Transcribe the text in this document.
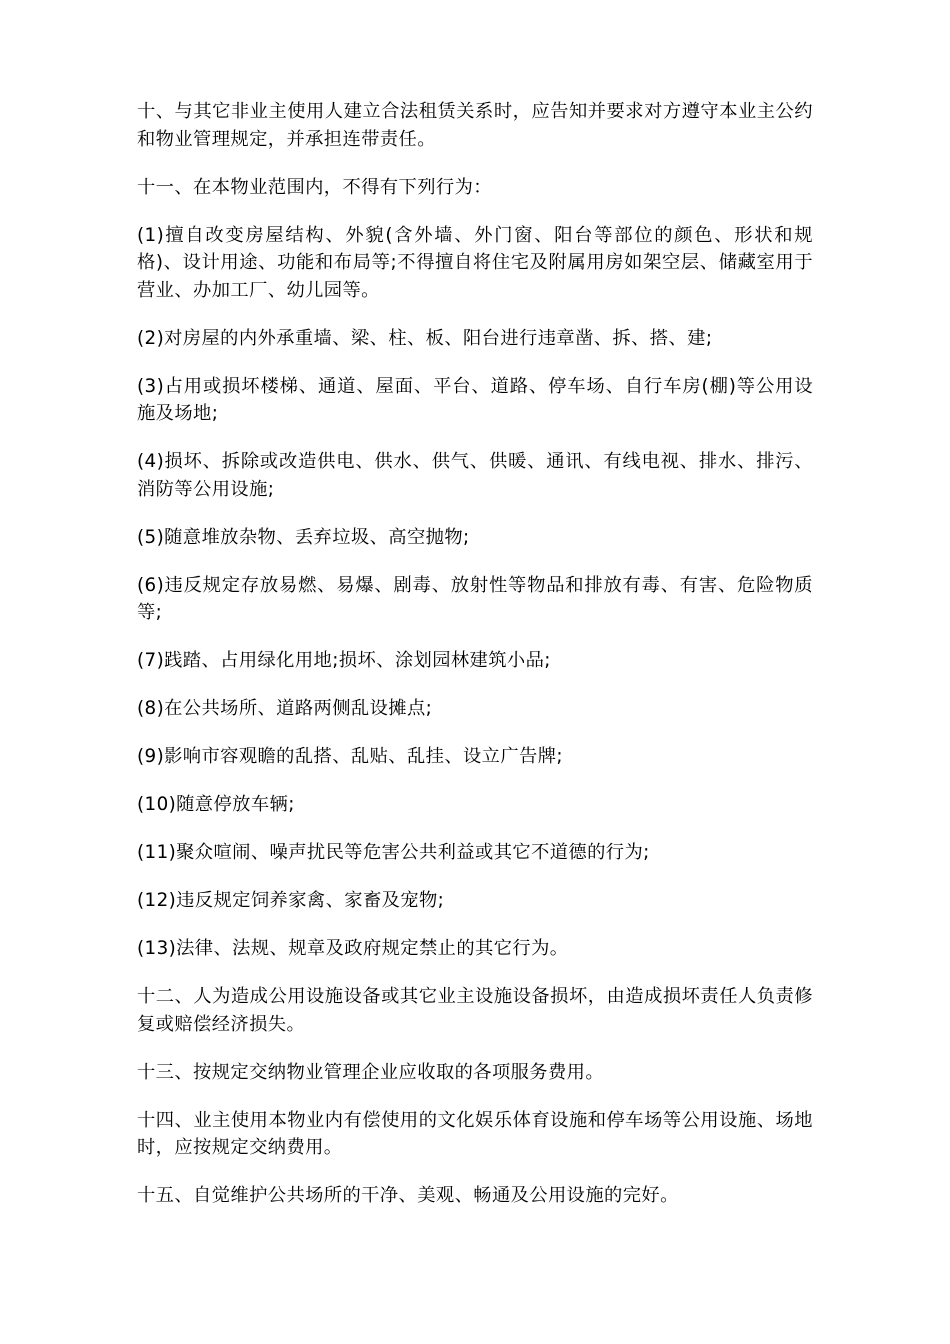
十、与其它非业主使用人建立合法租赁关系时，应告知并要求对方遵守本业主公约和物业管理规定，并承担连带责任。

十一、在本物业范围内，不得有下列行为：

(1)擅自改变房屋结构、外貌(含外墙、外门窗、阳台等部位的颜色、形状和规格)、设计用途、功能和布局等;不得擅自将住宅及附属用房如架空层、储藏室用于营业、办加工厂、幼儿园等。

(2)对房屋的内外承重墙、梁、柱、板、阳台进行违章凿、拆、搭、建;

(3)占用或损坏楼梯、通道、屋面、平台、道路、停车场、自行车房(棚)等公用设施及场地;

(4)损坏、拆除或改造供电、供水、供气、供暖、通讯、有线电视、排水、排污、消防等公用设施;

(5)随意堆放杂物、丢弃垃圾、高空抛物;

(6)违反规定存放易燃、易爆、剧毒、放射性等物品和排放有毒、有害、危险物质等;

(7)践踏、占用绿化用地;损坏、涂划园林建筑小品;

(8)在公共场所、道路两侧乱设摊点;

(9)影响市容观瞻的乱搭、乱贴、乱挂、设立广告牌;

(10)随意停放车辆;

(11)聚众喧闹、噪声扰民等危害公共利益或其它不道德的行为;

(12)违反规定饲养家禽、家畜及宠物;

(13)法律、法规、规章及政府规定禁止的其它行为。

十二、人为造成公用设施设备或其它业主设施设备损坏，由造成损坏责任人负责修复或赔偿经济损失。

十三、按规定交纳物业管理企业应收取的各项服务费用。

十四、业主使用本物业内有偿使用的文化娱乐体育设施和停车场等公用设施、场地时，应按规定交纳费用。

十五、自觉维护公共场所的干净、美观、畅通及公用设施的完好。
